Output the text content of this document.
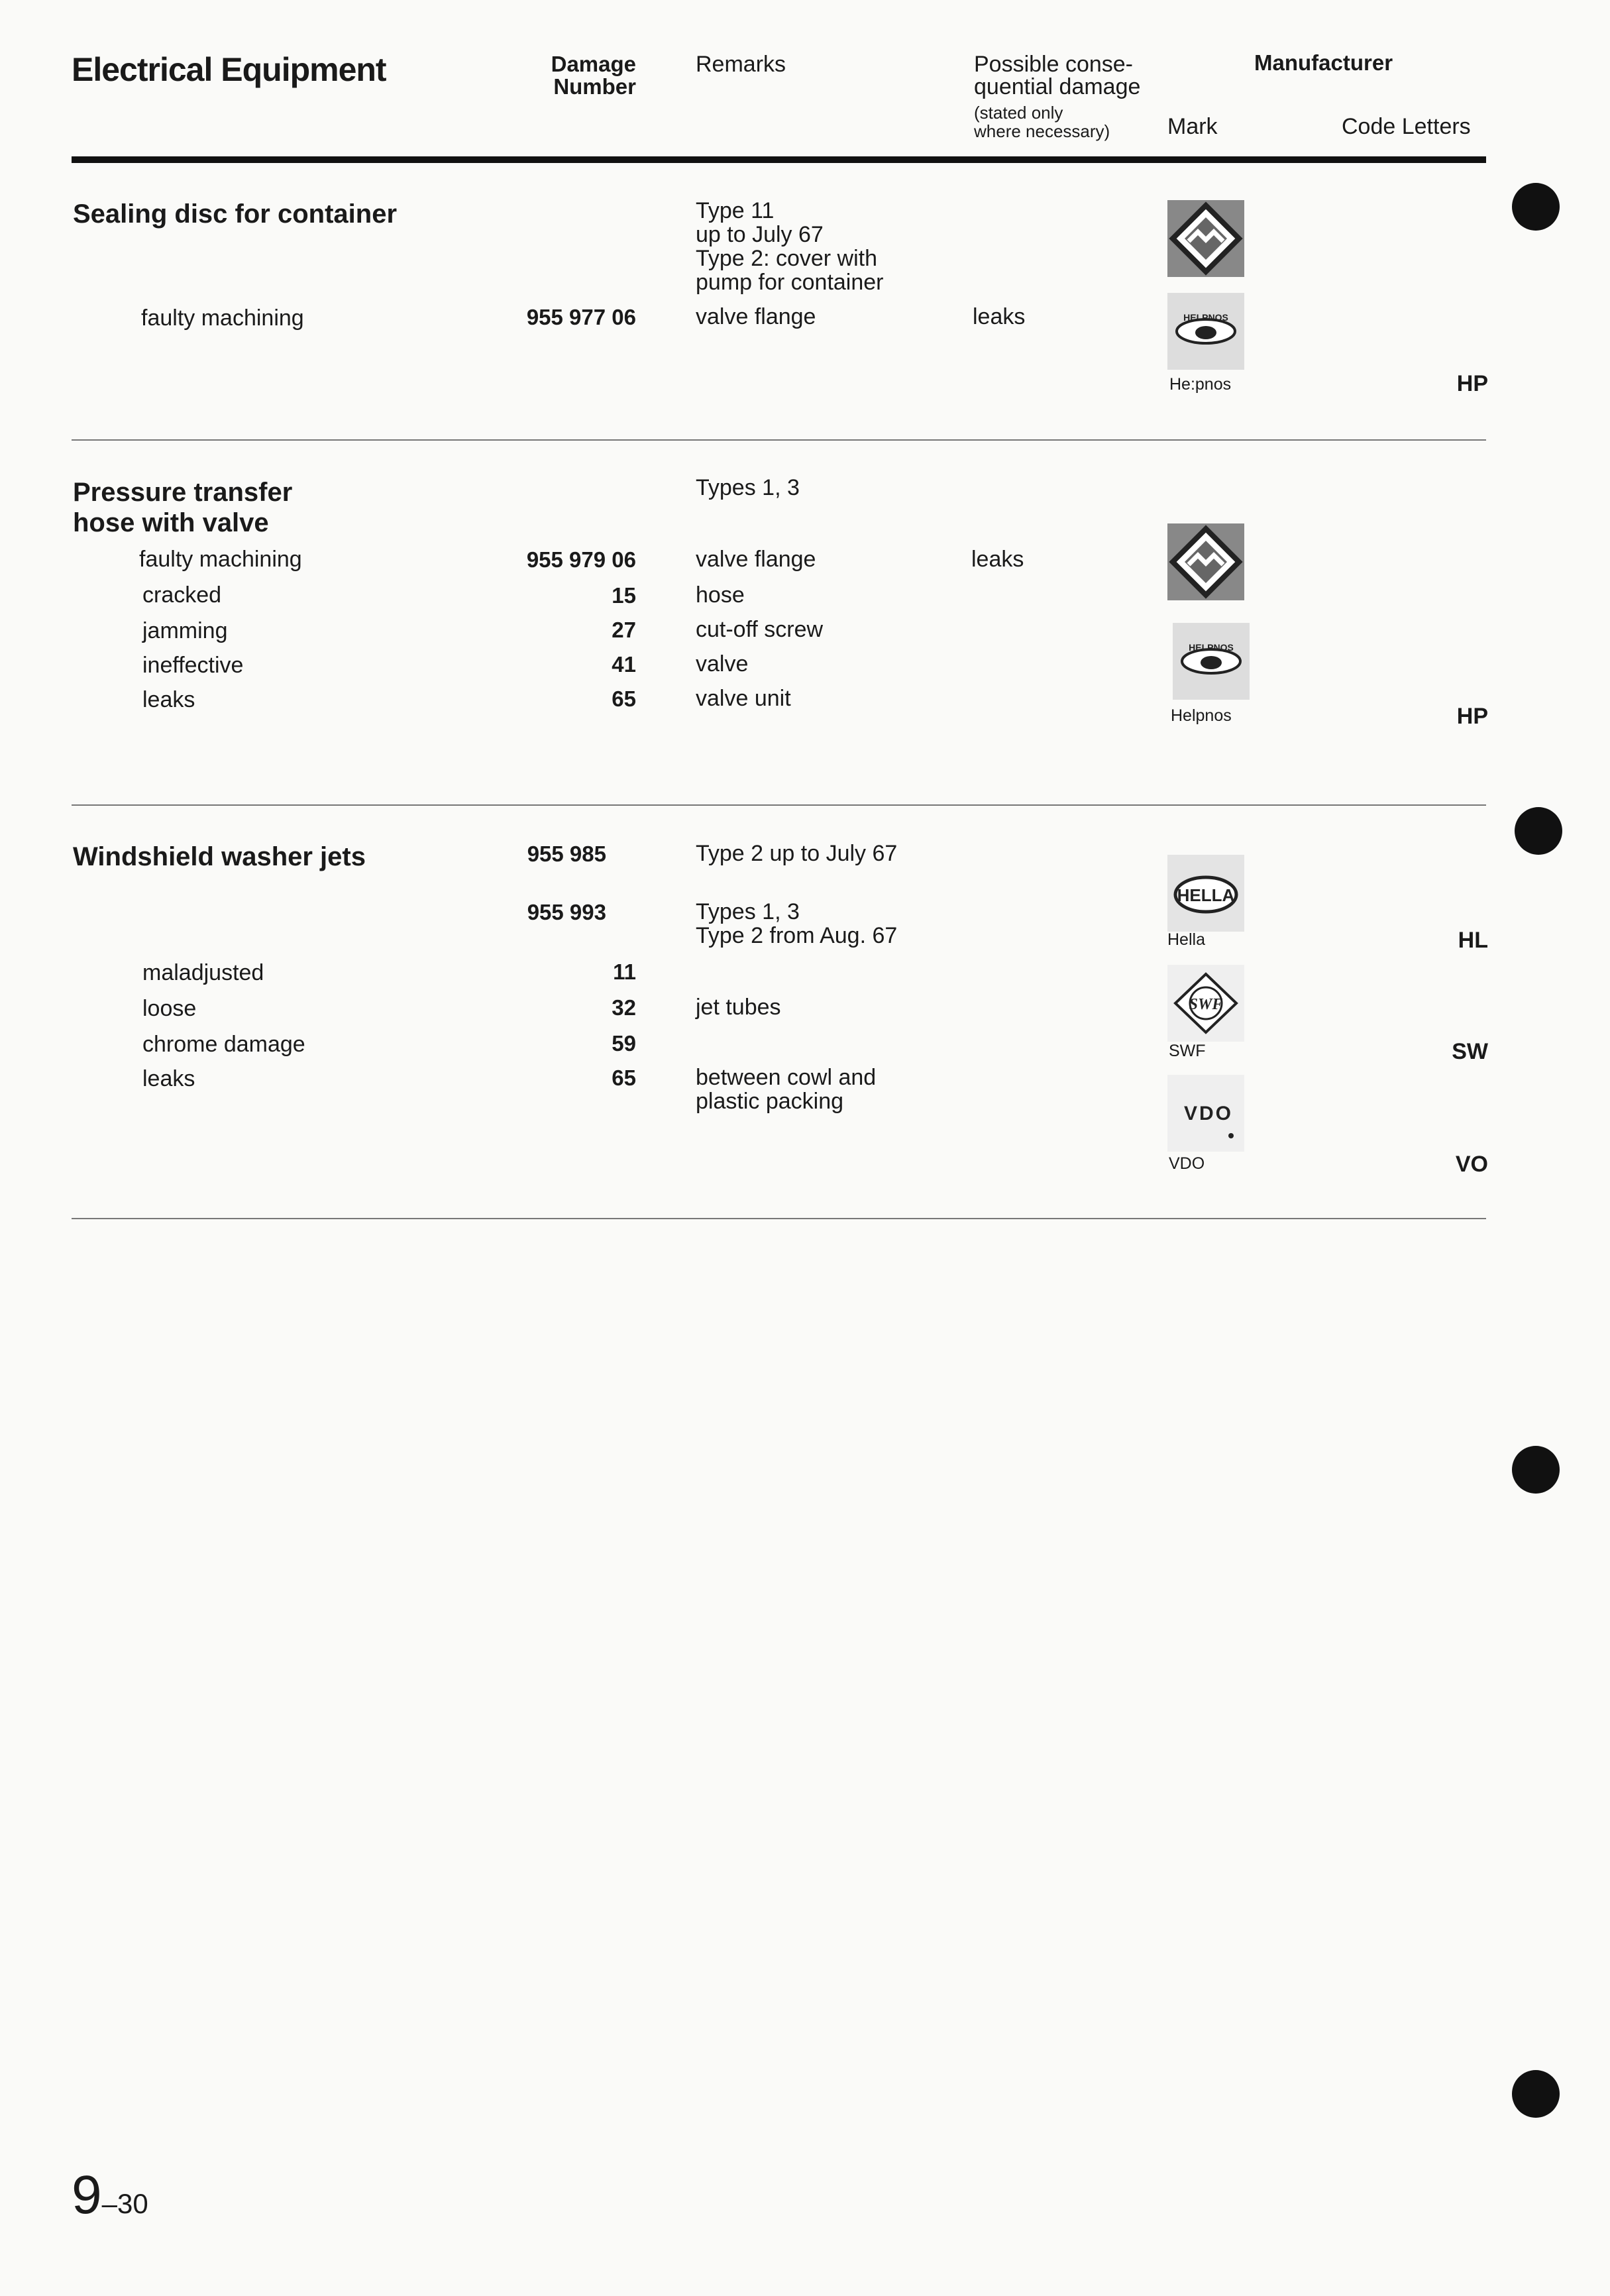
Electrical Equipment	Damage
Number
Remarks	Possible conse-
quential damage
(stated only
where necessary)
Manufacturer
Mark	Code Letters
Sealing disc for container	Type 11
up to July 67
Type 2: cover with
pump for container
faulty machining	955 977 06	valve flange	leaks	HELPNOS
He:pnos	HP
Pressure transfer
hose with valve
Types 1, 3
faulty machining	955 979 06	valve flange	leaks
cracked	15	hose
jamming	27	cut-off screw
ineffective	41	valve
leaks	65	valve unit
HELPNOS
Helpnos	HP
Windshield washer jets	955 985	Type 2 up to July 67
955 993	Types 1, 3
Type 2 from Aug. 67
maladjusted	11
loose	32	jet tubes
chrome damage	59
leaks	65	between cowl and
plastic packing
HELLA
Hella	HL
SWF
SWF	SW
VDO
VDO	VO
9–30
